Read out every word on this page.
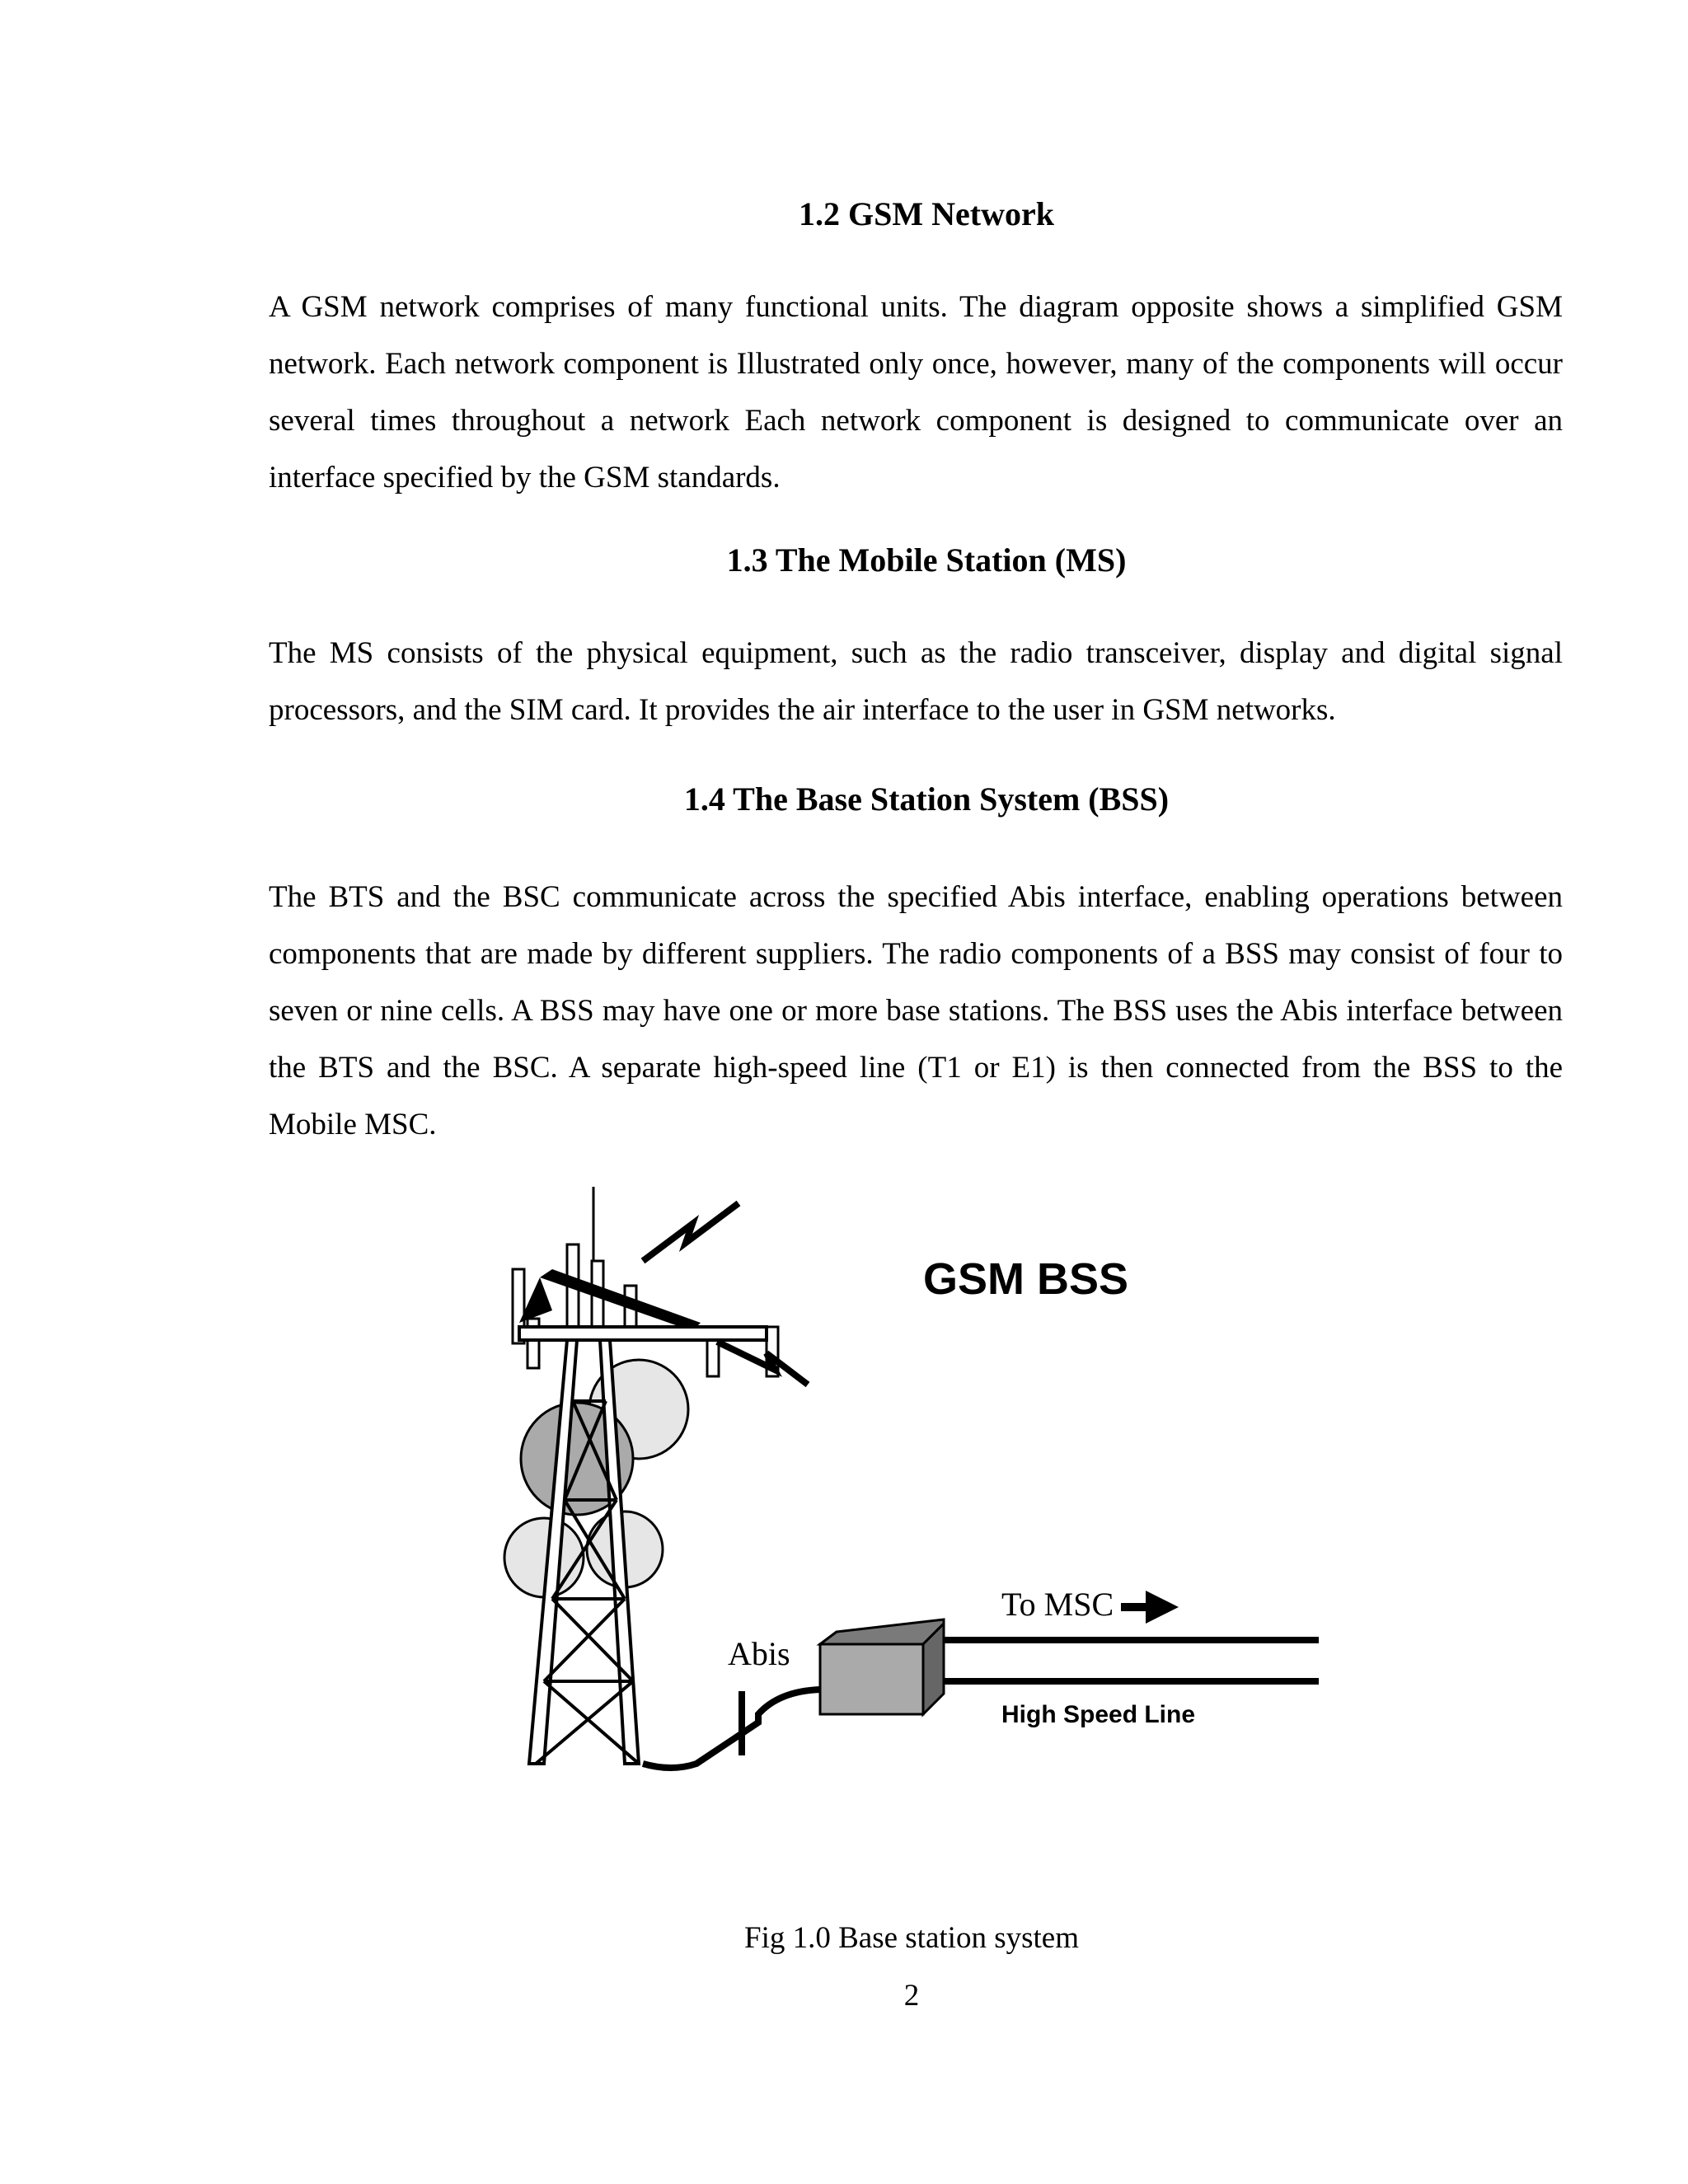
1.2 GSM Network

A GSM network comprises of many functional units. The diagram opposite shows a simplified GSM network. Each network component is Illustrated only once, however, many of the components will occur several times throughout a network Each network component is designed to communicate over an interface specified by the GSM standards.

1.3 The Mobile Station (MS)

The MS consists of the physical equipment, such as the radio transceiver, display and digital signal processors, and the SIM card. It provides the air interface to the user in GSM networks.

1.4 The Base Station System (BSS)

The BTS and the BSC communicate across the specified Abis interface, enabling operations between components that are made by different suppliers. The radio components of a BSS may consist of four to seven or nine cells. A BSS may have one or more base stations. The BSS uses the Abis interface between the BTS and the BSC. A separate high-speed line (T1 or E1) is then connected from the BSS to the Mobile MSC.

GSM BSS
Abis
To MSC
High Speed Line
Fig 1.0 Base station system
2
